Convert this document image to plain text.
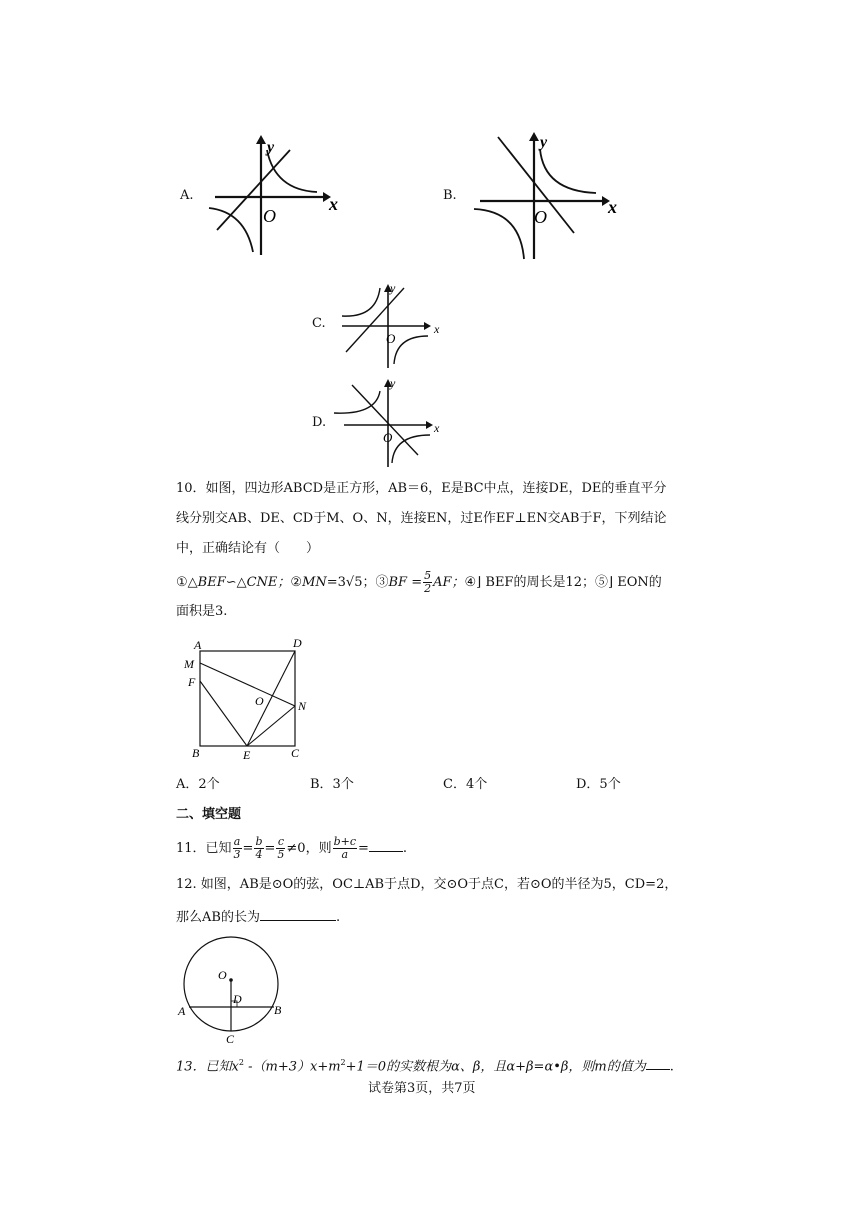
A.
O
y
x	B.
O
y
x
C.
O
y
x
D.
O
y
x
10．如图，四边形ABCD是正方形，AB＝6，E是BC中点，连接DE，DE的垂直平分
线分别交AB、DE、CD于M、O、N，连接EN，过E作EF⊥EN交AB于F，下列结论
中，正确结论有（　　）
①△BEF∽△CNE；②MN=3√5；③BF = $\frac{5}{2}$ AF；④⌋ BEF的周长是12；⑤⌋ EON的
面积是3.
A	D
M
F
O	N
B	E	C
A．2个	B．3个	C．4个	D．5个
二、填空题
11．已知 $\frac{a}{3} = \frac{b}{4} = \frac{c}{5} \ne 0$，则 $\frac{b+c}{a}$ =	.
12. 如图，AB是⊙O的弦，OC⊥AB于点D，交⊙O于点C，若⊙O的半径为5，CD=2，
那么AB的长为	.
O
D
A	B
C
13．已知$x^2$ $-(m+3)x+m^2+1=0$的实数根为α、β，且α+β=α•β，则m的值为 .
试卷第3页，共7页
